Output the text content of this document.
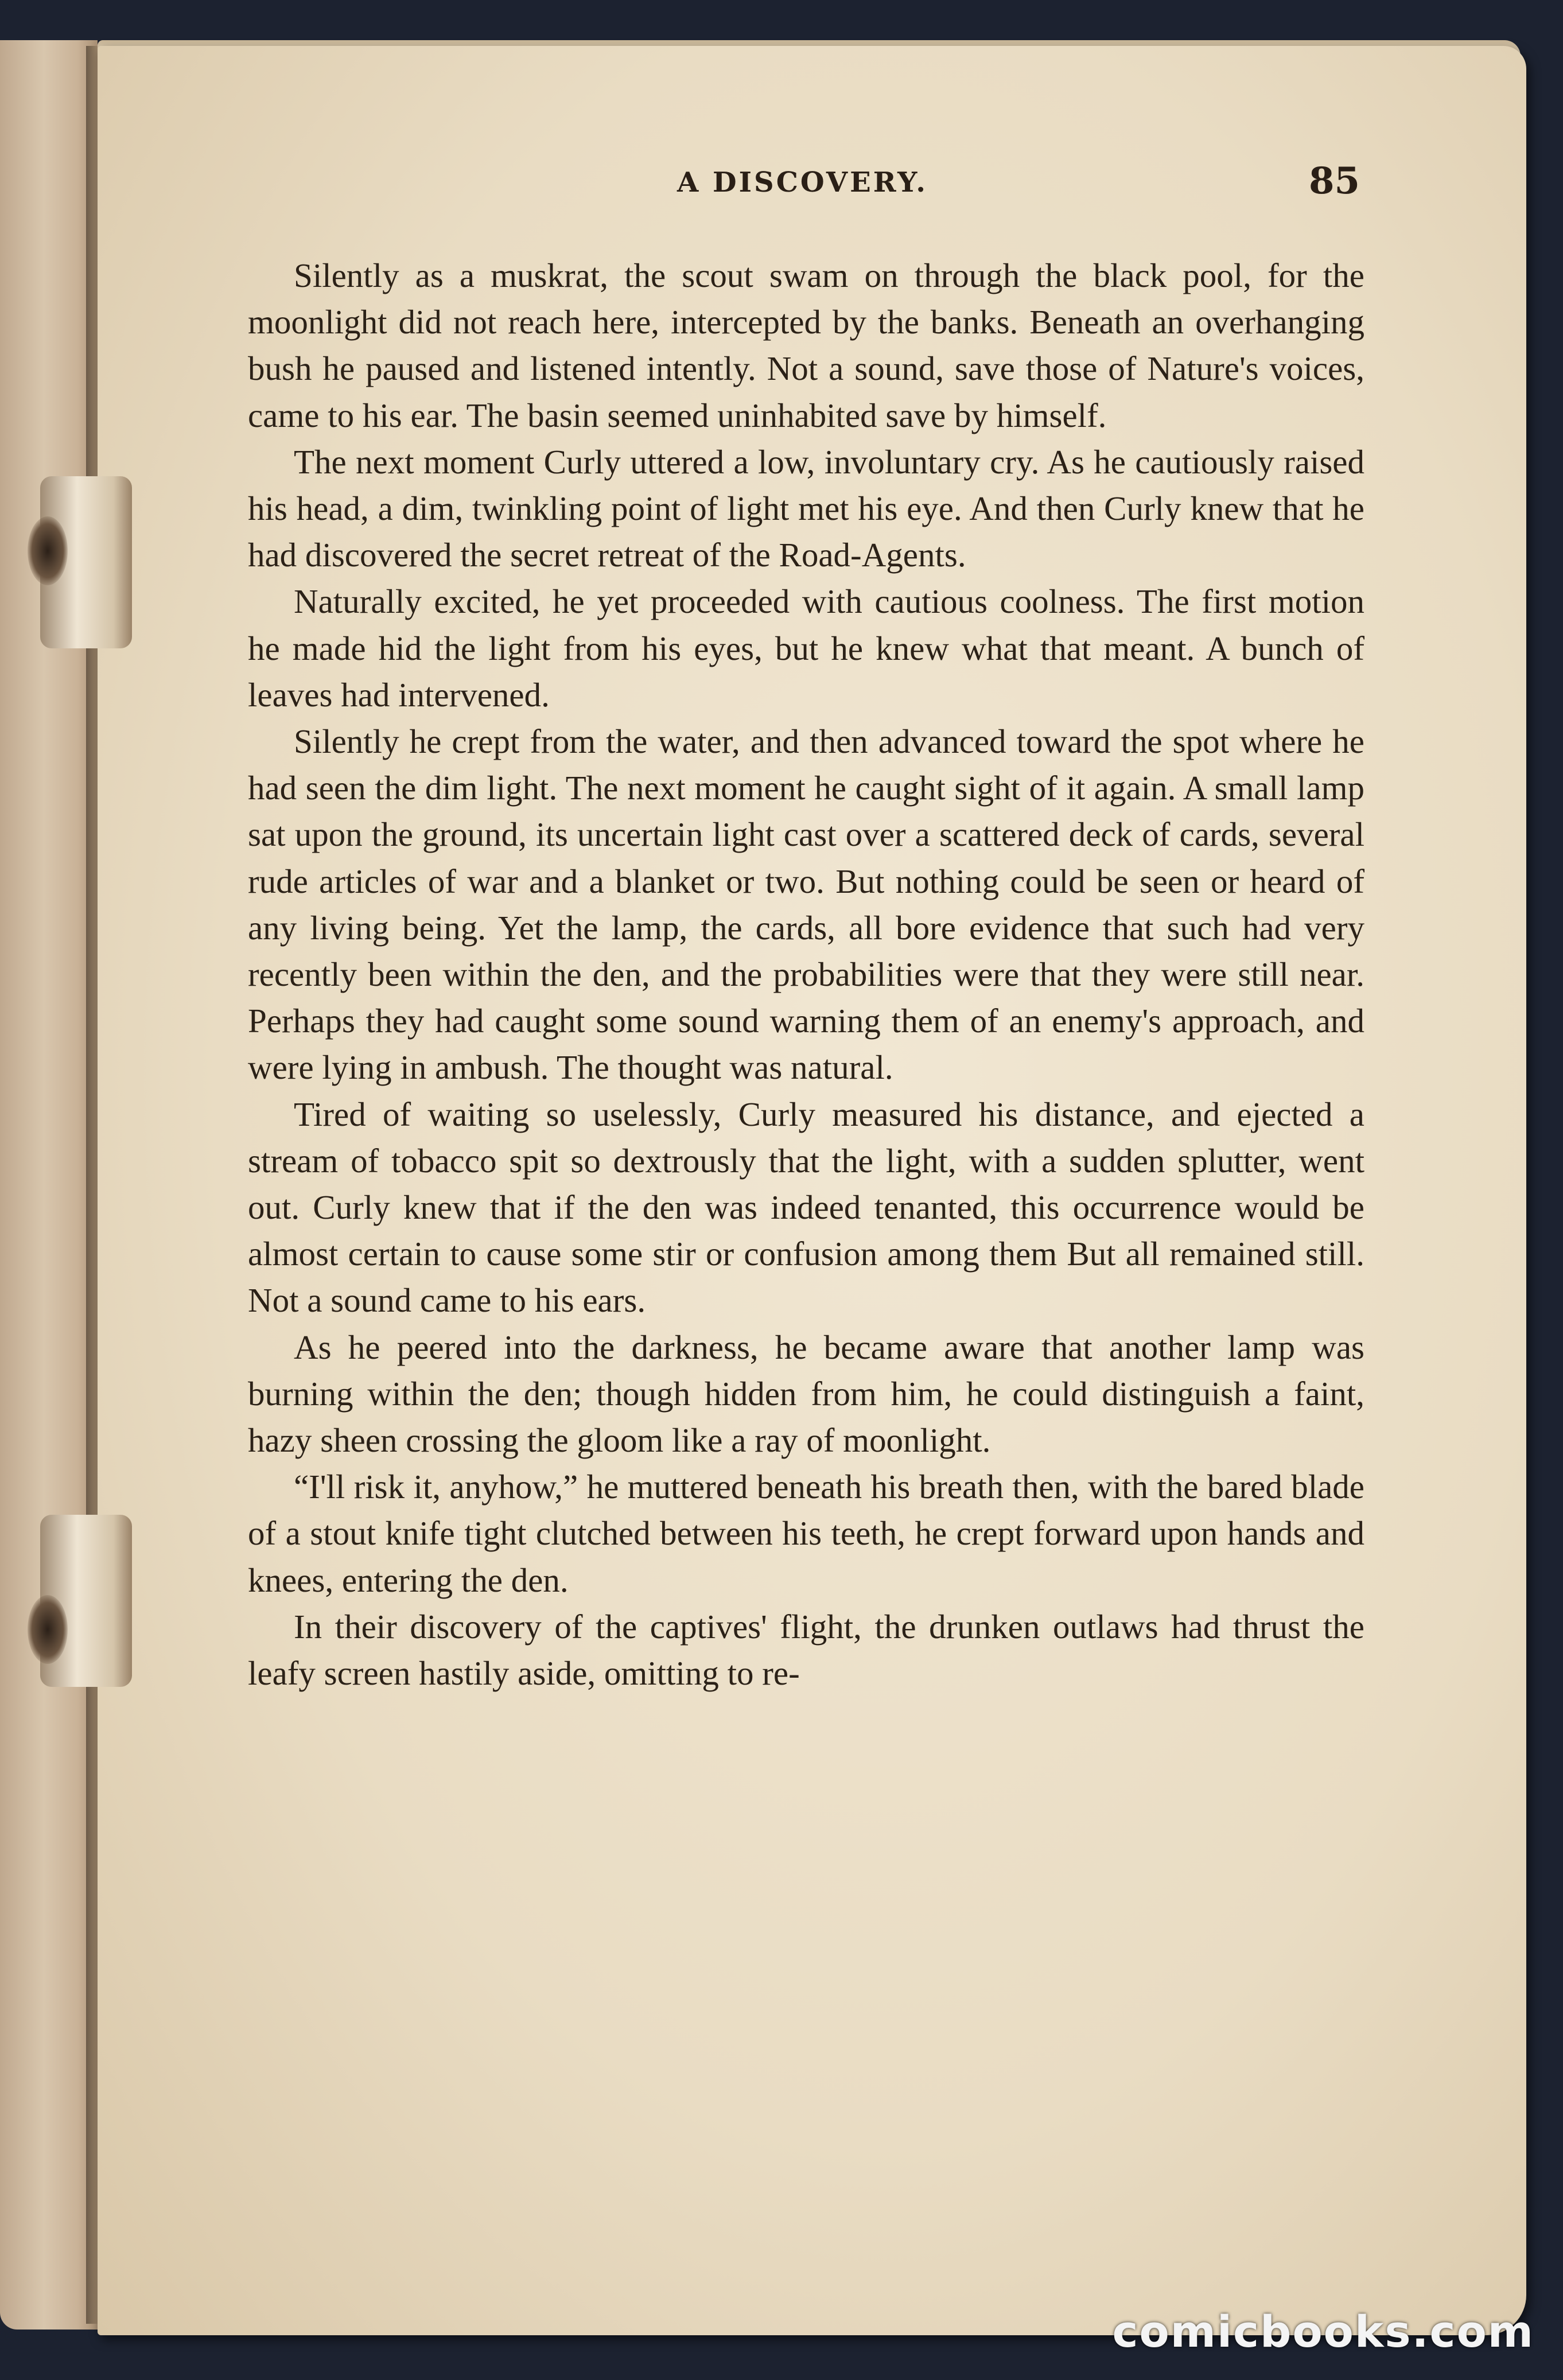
A DISCOVERY.	85

Silently as a muskrat, the scout swam on through the black pool, for the moonlight did not reach here, intercepted by the banks. Beneath an overhanging bush he paused and listened intently. Not a sound, save those of Nature's voices, came to his ear. The basin seemed uninhabited save by himself.

The next moment Curly uttered a low, involuntary cry. As he cautiously raised his head, a dim, twinkling point of light met his eye. And then Curly knew that he had discovered the secret retreat of the Road-Agents.

Naturally excited, he yet proceeded with cautious coolness. The first motion he made hid the light from his eyes, but he knew what that meant. A bunch of leaves had intervened.

Silently he crept from the water, and then advanced toward the spot where he had seen the dim light. The next moment he caught sight of it again. A small lamp sat upon the ground, its uncertain light cast over a scattered deck of cards, several rude articles of war and a blanket or two. But nothing could be seen or heard of any living being. Yet the lamp, the cards, all bore evidence that such had very recently been within the den, and the probabilities were that they were still near. Perhaps they had caught some sound warning them of an enemy's approach, and were lying in ambush. The thought was natural.

Tired of waiting so uselessly, Curly measured his distance, and ejected a stream of tobacco spit so dextrously that the light, with a sudden splutter, went out. Curly knew that if the den was indeed tenanted, this occurrence would be almost certain to cause some stir or confusion among them But all remained still. Not a sound came to his ears.

As he peered into the darkness, he became aware that another lamp was burning within the den; though hidden from him, he could distinguish a faint, hazy sheen crossing the gloom like a ray of moonlight.

“I'll risk it, anyhow,” he muttered beneath his breath then, with the bared blade of a stout knife tight clutched between his teeth, he crept forward upon hands and knees, entering the den.

In their discovery of the captives' flight, the drunken outlaws had thrust the leafy screen hastily aside, omitting to re-

comicbooks.com
